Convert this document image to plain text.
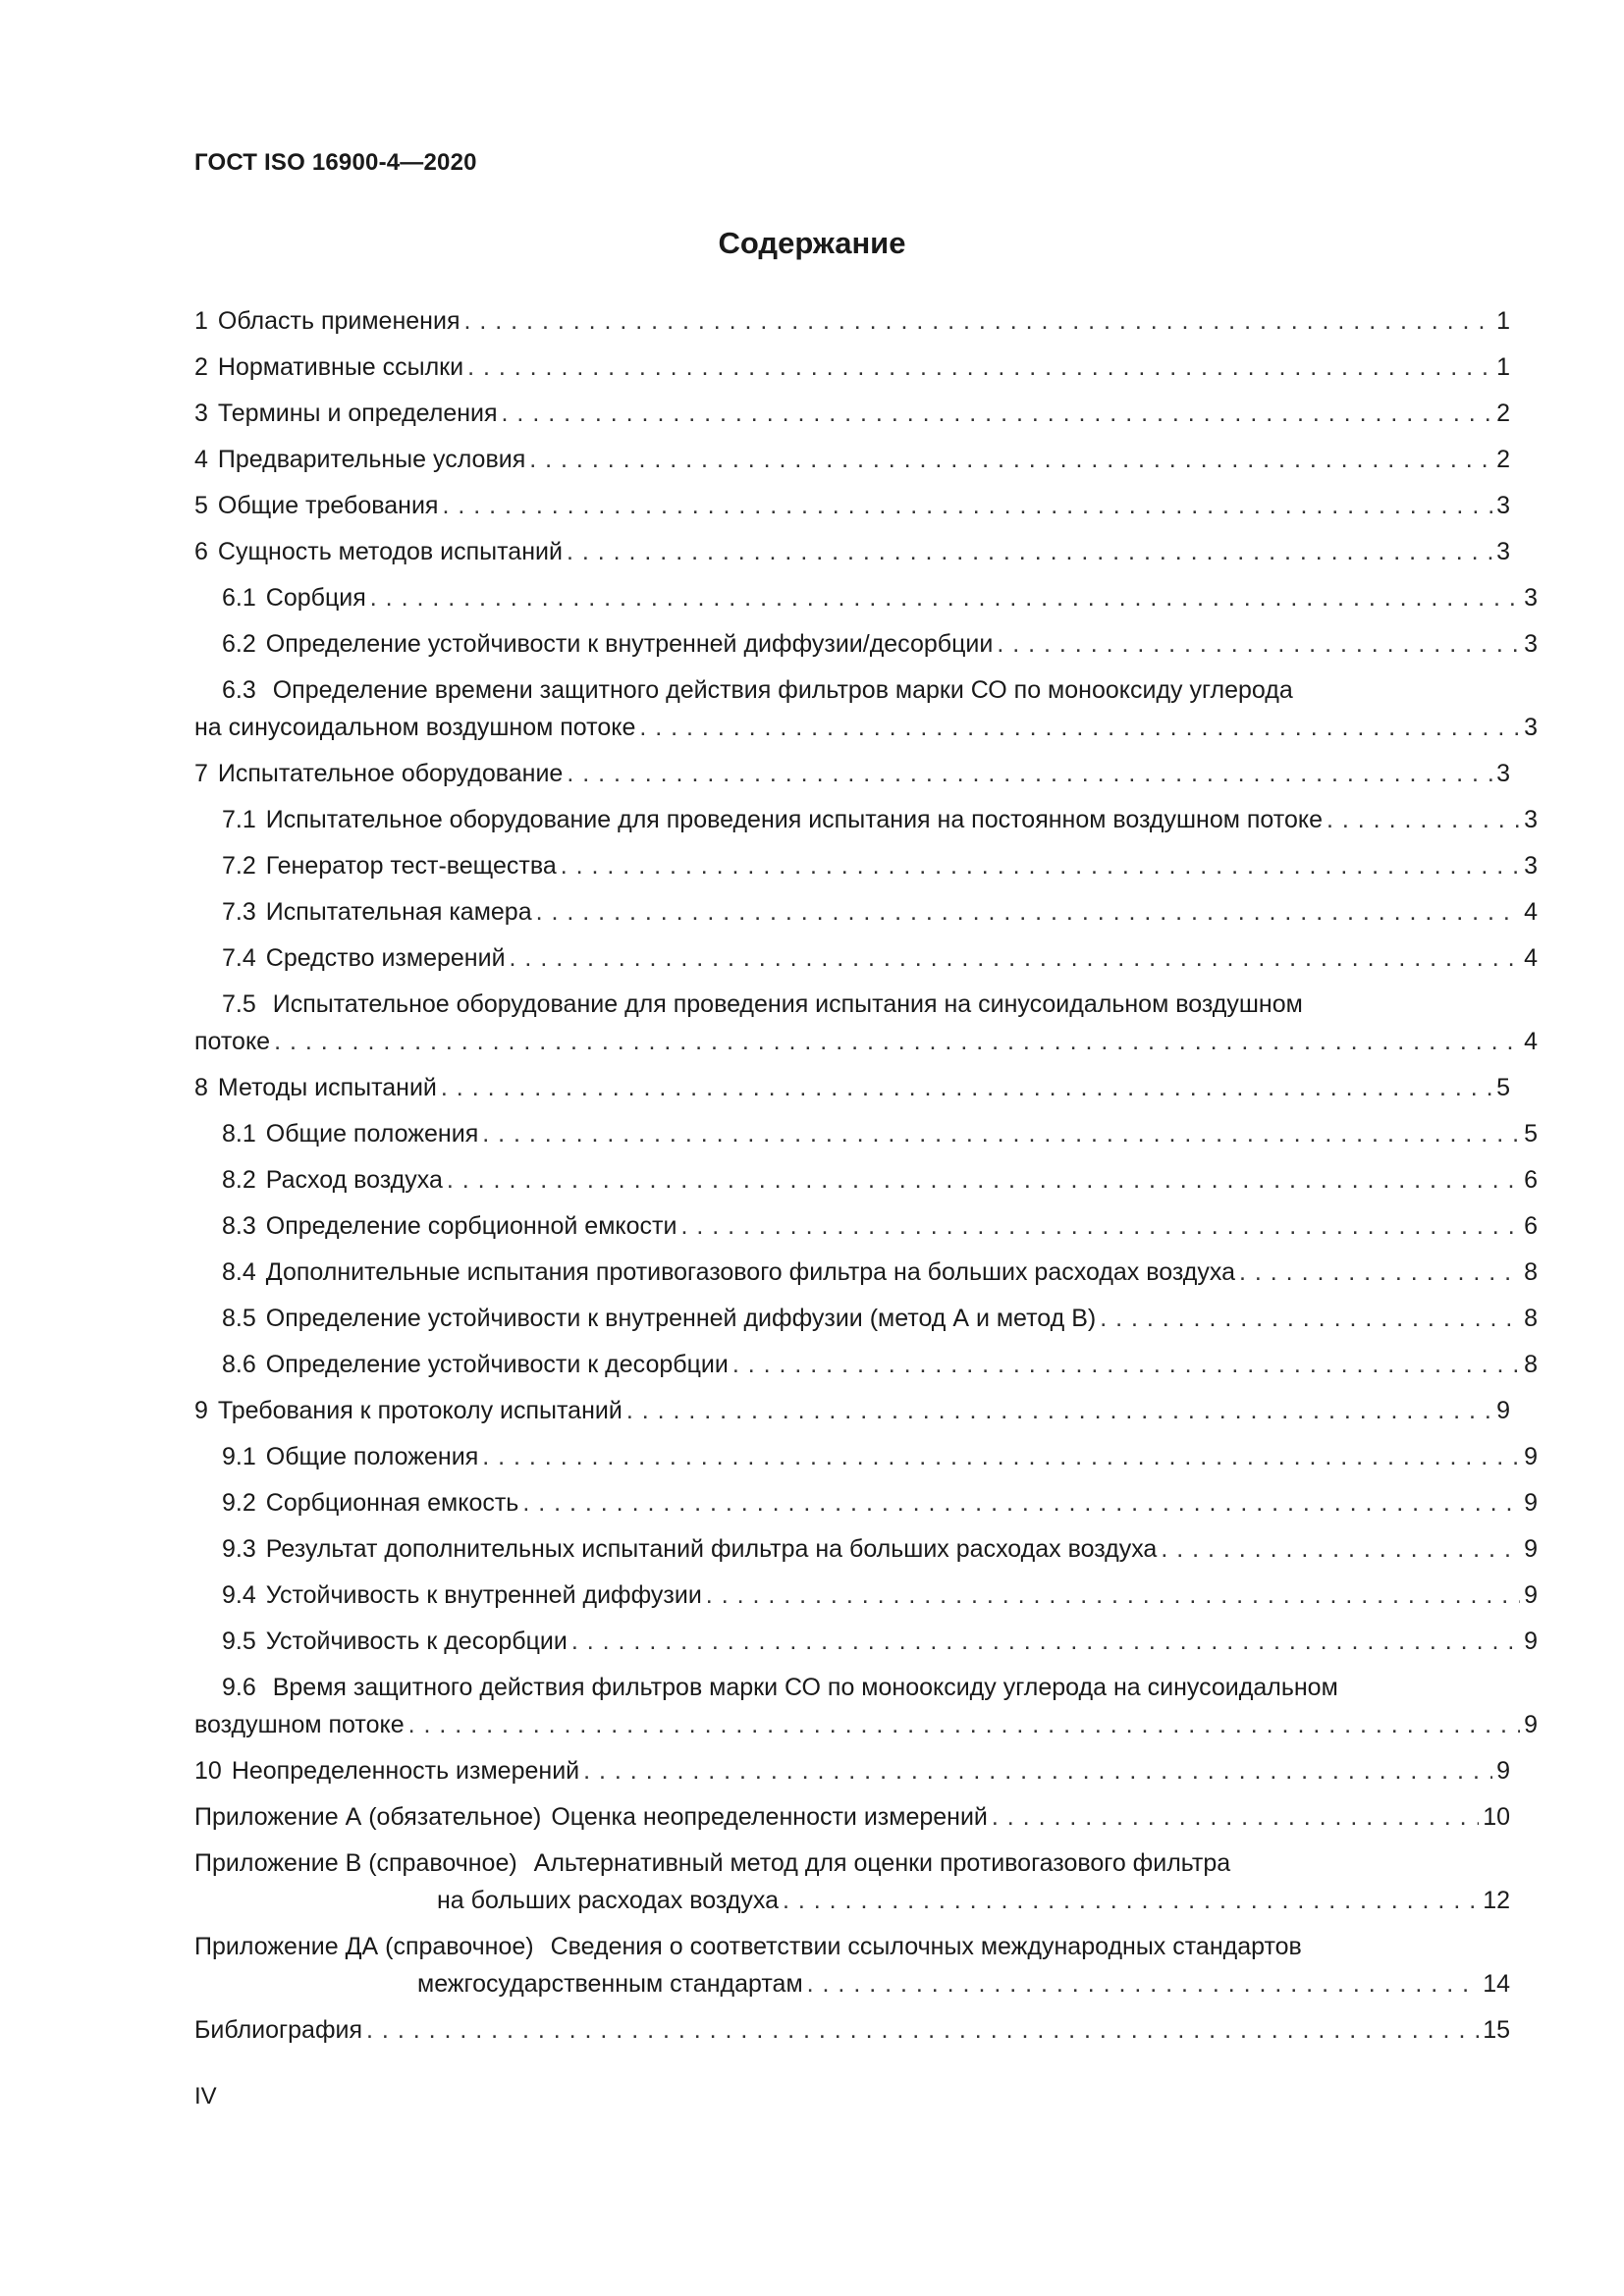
ГОСТ ISO 16900-4—2020
Содержание
1 Область применения . . .	1
2 Нормативные ссылки . . .	1
3 Термины и определения . . .	2
4 Предварительные условия . . .	2
5 Общие требования . . .	3
6 Сущность методов испытаний . . .	3
6.1 Сорбция . . .	3
6.2 Определение устойчивости к внутренней диффузии/десорбции . . .	3
6.3 Определение времени защитного действия фильтров марки СО по монооксиду углерода
на синусоидальном воздушном потоке . . .	3
7 Испытательное оборудование . . .	3
7.1 Испытательное оборудование для проведения испытания на постоянном воздушном потоке . . .	3
7.2 Генератор тест-вещества . . .	3
7.3 Испытательная камера . . .	4
7.4 Средство измерений . . .	4
7.5 Испытательное оборудование для проведения испытания на синусоидальном воздушном
потоке . . .	4
8 Методы испытаний . . .	5
8.1 Общие положения . . .	5
8.2 Расход воздуха . . .	6
8.3 Определение сорбционной емкости . . .	6
8.4 Дополнительные испытания противогазового фильтра на больших расходах воздуха . . .	8
8.5 Определение устойчивости к внутренней диффузии (метод А и метод В) . . .	8
8.6 Определение устойчивости к десорбции . . .	8
9 Требования к протоколу испытаний . . .	9
9.1 Общие положения . . .	9
9.2 Сорбционная емкость . . .	9
9.3 Результат дополнительных испытаний фильтра на больших расходах воздуха . . .	9
9.4 Устойчивость к внутренней диффузии . . .	9
9.5 Устойчивость к десорбции . . .	9
9.6 Время защитного действия фильтров марки СО по монооксиду углерода на синусоидальном
воздушном потоке . . .	9
10 Неопределенность измерений . . .	9
Приложение А (обязательное) Оценка неопределенности измерений . . .	10
Приложение В (справочное) Альтернативный метод для оценки противогазового фильтра
на больших расходах воздуха . . .	12
Приложение ДА (справочное) Сведения о соответствии ссылочных международных стандартов
межгосударственным стандартам . . .	14
Библиография . . .	15
IV
